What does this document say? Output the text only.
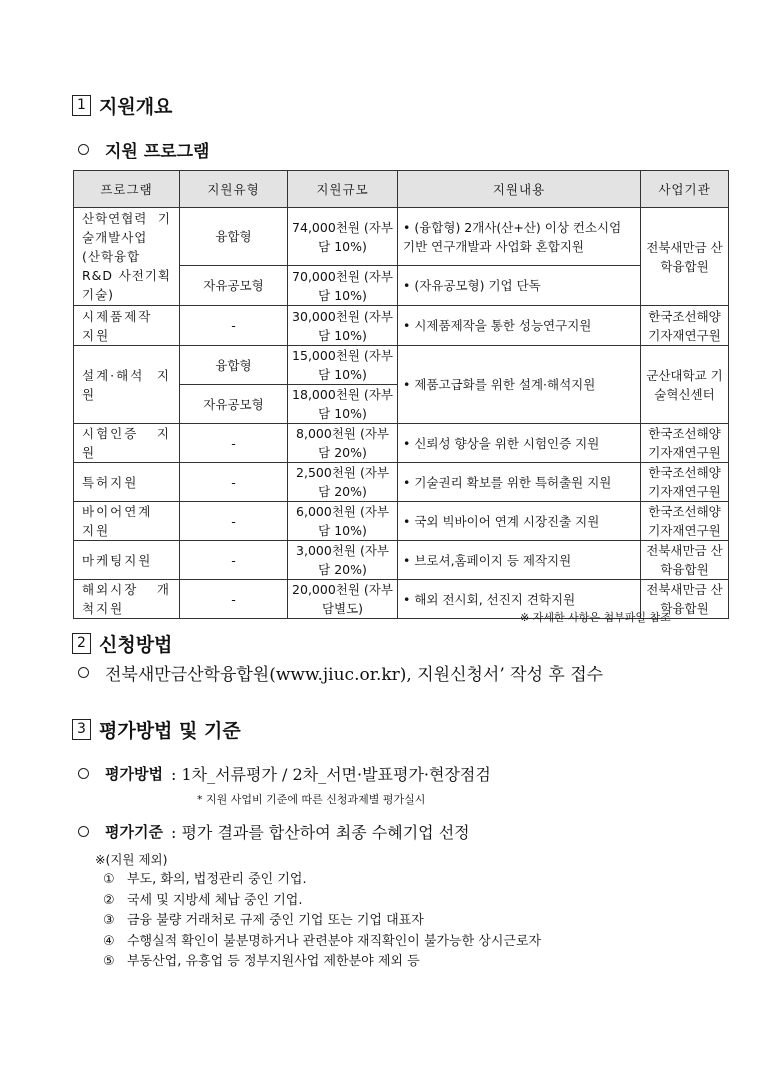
1 지원개요
지원 프로그램
프로그램	지원유형	지원규모	지원내용	사업기관
산학연협력 기술개발사업 (산학융합R&D 사전기획기술)	융합형	74,000천원 (자부담 10%)	• (융합형) 2개사(산+산) 이상 컨소시엄 기반 연구개발과 사업화 혼합지원	전북새만금 산학융합원
	자유공모형	70,000천원 (자부담 10%)	• (자유공모형) 기업 단독	
시제품제작 지원	-	30,000천원 (자부담 10%)	• 시제품제작을 통한 성능연구지원	한국조선해양 기자재연구원
설계·해석 지원	융합형	15,000천원 (자부담 10%)	• 제품고급화를 위한 설계·해석지원	군산대학교 기술혁신센터
	자유공모형	18,000천원 (자부담 10%)		
시험인증 지원	-	8,000천원 (자부담 20%)	• 신뢰성 향상을 위한 시험인증 지원	한국조선해양 기자재연구원
특허지원	-	2,500천원 (자부담 20%)	• 기술권리 확보를 위한 특허출원 지원	한국조선해양 기자재연구원
바이어연계 지원	-	6,000천원 (자부담 10%)	• 국외 빅바이어 연계 시장진출 지원	한국조선해양 기자재연구원
마케팅지원	-	3,000천원 (자부담 20%)	• 브로셔,홈페이지 등 제작지원	전북새만금 산학융합원
해외시장 개척지원	-	20,000천원 (자부담별도)	• 해외 전시회, 선진지 견학지원	전북새만금 산학융합원
※ 자세한 사항은 첨부파일 참조
2 신청방법
전북새만금산학융합원(www.jiuc.or.kr), 지원신청서’ 작성 후 접수
3 평가방법 및 기준
평가방법 : 1차_서류평가 / 2차_서면·발표평가·현장점검
* 지원 사업비 기준에 따른 신청과제별 평가실시
평가기준 : 평가 결과를 합산하여 최종 수혜기업 선정
※(지원 제외)
① 부도, 화의, 법정관리 중인 기업.
② 국세 및 지방세 체납 중인 기업.
③ 금융 불량 거래처로 규제 중인 기업 또는 기업 대표자
④ 수행실적 확인이 불분명하거나 관련분야 재직확인이 불가능한 상시근로자
⑤ 부동산업, 유흥업 등 정부지원사업 제한분야 제외 등
